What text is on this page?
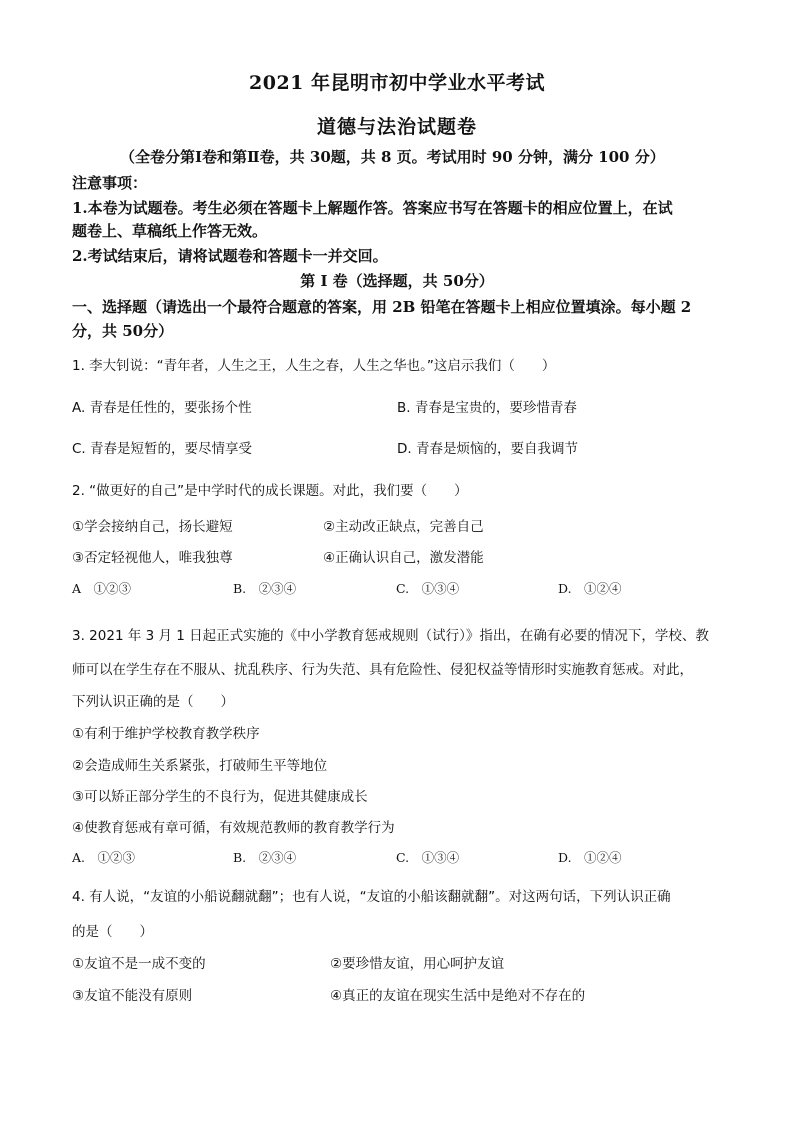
2021 年昆明市初中学业水平考试
道德与法治试题卷
（全卷分第Ⅰ卷和第Ⅱ卷，共 30题，共 8 页。考试用时 90 分钟，满分 100 分）
注意事项：
1.本卷为试题卷。考生必须在答题卡上解题作答。答案应书写在答题卡的相应位置上，在试
题卷上、草稿纸上作答无效。
2.考试结束后，请将试题卷和答题卡一并交回。
第 I 卷（选择题，共 50分）
一、选择题（请选出一个最符合题意的答案，用 2B 铅笔在答题卡上相应位置填涂。每小题 2
分，共 50分）
1. 李大钊说：“青年者，人生之王，人生之春，人生之华也。”这启示我们（　　）
A. 青春是任性的，要张扬个性	B. 青春是宝贵的，要珍惜青春
C. 青春是短暂的，要尽情享受	D. 青春是烦恼的，要自我调节
2. “做更好的自己”是中学时代的成长课题。对此，我们要（　　）
①学会接纳自己，扬长避短	②主动改正缺点，完善自己
③否定轻视他人，唯我独尊	④正确认识自己，激发潜能
A　①②③	B.　②③④	C.　①③④	D.　①②④
3. 2021 年 3 月 1 日起正式实施的《中小学教育惩戒规则（试行）》指出，在确有必要的情况下，学校、教
师可以在学生存在不服从、扰乱秩序、行为失范、具有危险性、侵犯权益等情形时实施教育惩戒。对此，
下列认识正确的是（　　）
①有利于维护学校教育教学秩序
②会造成师生关系紧张，打破师生平等地位
③可以矫正部分学生的不良行为，促进其健康成长
④使教育惩戒有章可循，有效规范教师的教育教学行为
A.　①②③	B.　②③④	C.　①③④	D.　①②④
4. 有人说，“友谊的小船说翻就翻”；也有人说，“友谊的小船该翻就翻”。对这两句话，下列认识正确
的是（　　）
①友谊不是一成不变的	②要珍惜友谊，用心呵护友谊
③友谊不能没有原则	④真正的友谊在现实生活中是绝对不存在的
